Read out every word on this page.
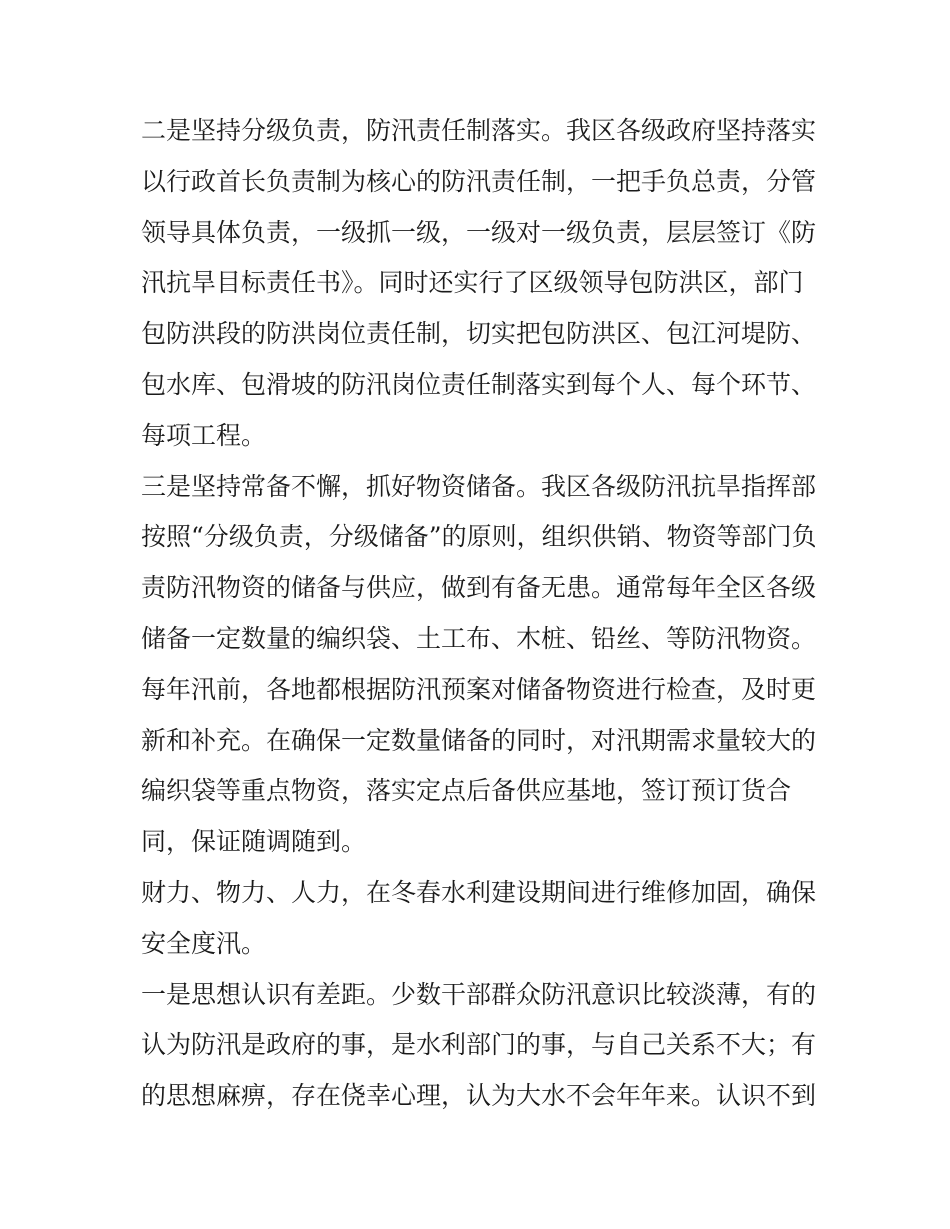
二是坚持分级负责，防汛责任制落实。我区各级政府坚持落实
以行政首长负责制为核心的防汛责任制，一把手负总责，分管
领导具体负责，一级抓一级，一级对一级负责，层层签订《防
汛抗旱目标责任书》。同时还实行了区级领导包防洪区，部门
包防洪段的防洪岗位责任制，切实把包防洪区、包江河堤防、
包水库、包滑坡的防汛岗位责任制落实到每个人、每个环节、
每项工程。
三是坚持常备不懈，抓好物资储备。我区各级防汛抗旱指挥部
按照“分级负责，分级储备”的原则，组织供销、物资等部门负
责防汛物资的储备与供应，做到有备无患。通常每年全区各级
储备一定数量的编织袋、土工布、木桩、铅丝、等防汛物资。
每年汛前，各地都根据防汛预案对储备物资进行检查，及时更
新和补充。在确保一定数量储备的同时，对汛期需求量较大的
编织袋等重点物资，落实定点后备供应基地，签订预订货合
同，保证随调随到。
财力、物力、人力，在冬春水利建设期间进行维修加固，确保
安全度汛。
一是思想认识有差距。少数干部群众防汛意识比较淡薄，有的
认为防汛是政府的事，是水利部门的事，与自己关系不大；有
的思想麻痹，存在侥幸心理，认为大水不会年年来。认识不到
